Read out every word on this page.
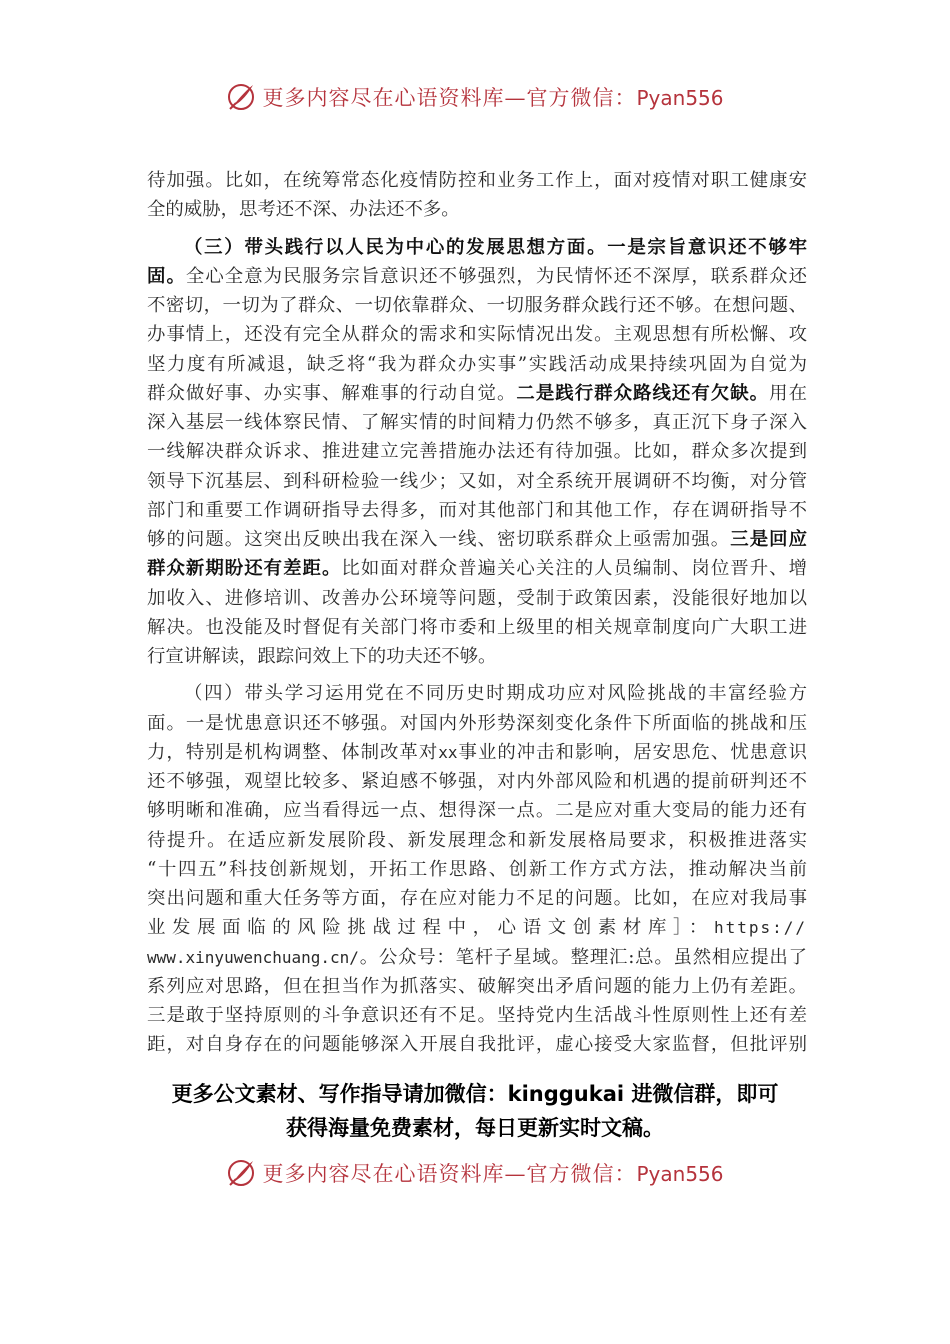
更多内容尽在心语资料库—官方微信：Pyan556
待加强。比如，在统筹常态化疫情防控和业务工作上，面对疫情对职工健康安
全的威胁，思考还不深、办法还不多。
（三）带头践行以人民为中心的发展思想方面。一是宗旨意识还不够牢
固。全心全意为民服务宗旨意识还不够强烈，为民情怀还不深厚，联系群众还
不密切，一切为了群众、一切依靠群众、一切服务群众践行还不够。在想问题、
办事情上，还没有完全从群众的需求和实际情况出发。主观思想有所松懈、攻
坚力度有所减退，缺乏将“我为群众办实事”实践活动成果持续巩固为自觉为
群众做好事、办实事、解难事的行动自觉。二是践行群众路线还有欠缺。用在
深入基层一线体察民情、了解实情的时间精力仍然不够多，真正沉下身子深入
一线解决群众诉求、推进建立完善措施办法还有待加强。比如，群众多次提到
领导下沉基层、到科研检验一线少；又如，对全系统开展调研不均衡，对分管
部门和重要工作调研指导去得多，而对其他部门和其他工作，存在调研指导不
够的问题。这突出反映出我在深入一线、密切联系群众上亟需加强。三是回应
群众新期盼还有差距。比如面对群众普遍关心关注的人员编制、岗位晋升、增
加收入、进修培训、改善办公环境等问题，受制于政策因素，没能很好地加以
解决。也没能及时督促有关部门将市委和上级里的相关规章制度向广大职工进
行宣讲解读，跟踪问效上下的功夫还不够。
（四）带头学习运用党在不同历史时期成功应对风险挑战的丰富经验方
面。一是忧患意识还不够强。对国内外形势深刻变化条件下所面临的挑战和压
力，特别是机构调整、体制改革对xx事业的冲击和影响，居安思危、忧患意识
还不够强，观望比较多、紧迫感不够强，对内外部风险和机遇的提前研判还不
够明晰和准确，应当看得远一点、想得深一点。二是应对重大变局的能力还有
待提升。在适应新发展阶段、新发展理念和新发展格局要求，积极推进落实
“十四五”科技创新规划，开拓工作思路、创新工作方式方法，推动解决当前
突出问题和重大任务等方面，存在应对能力不足的问题。比如，在应对我局事
业发展面临的风险挑战过程中，心语文创素材库］：https://
www.xinyuwenchuang.cn/。公众号：笔杆子星域。整理汇:总。虽然相应提出了
系列应对思路，但在担当作为抓落实、破解突出矛盾问题的能力上仍有差距。
三是敢于坚持原则的斗争意识还有不足。坚持党内生活战斗性原则性上还有差
距，对自身存在的问题能够深入开展自我批评，虚心接受大家监督，但批评别
更多公文素材、写作指导请加微信：kinggukai 进微信群，即可
获得海量免费素材，每日更新实时文稿。
更多内容尽在心语资料库—官方微信：Pyan556
